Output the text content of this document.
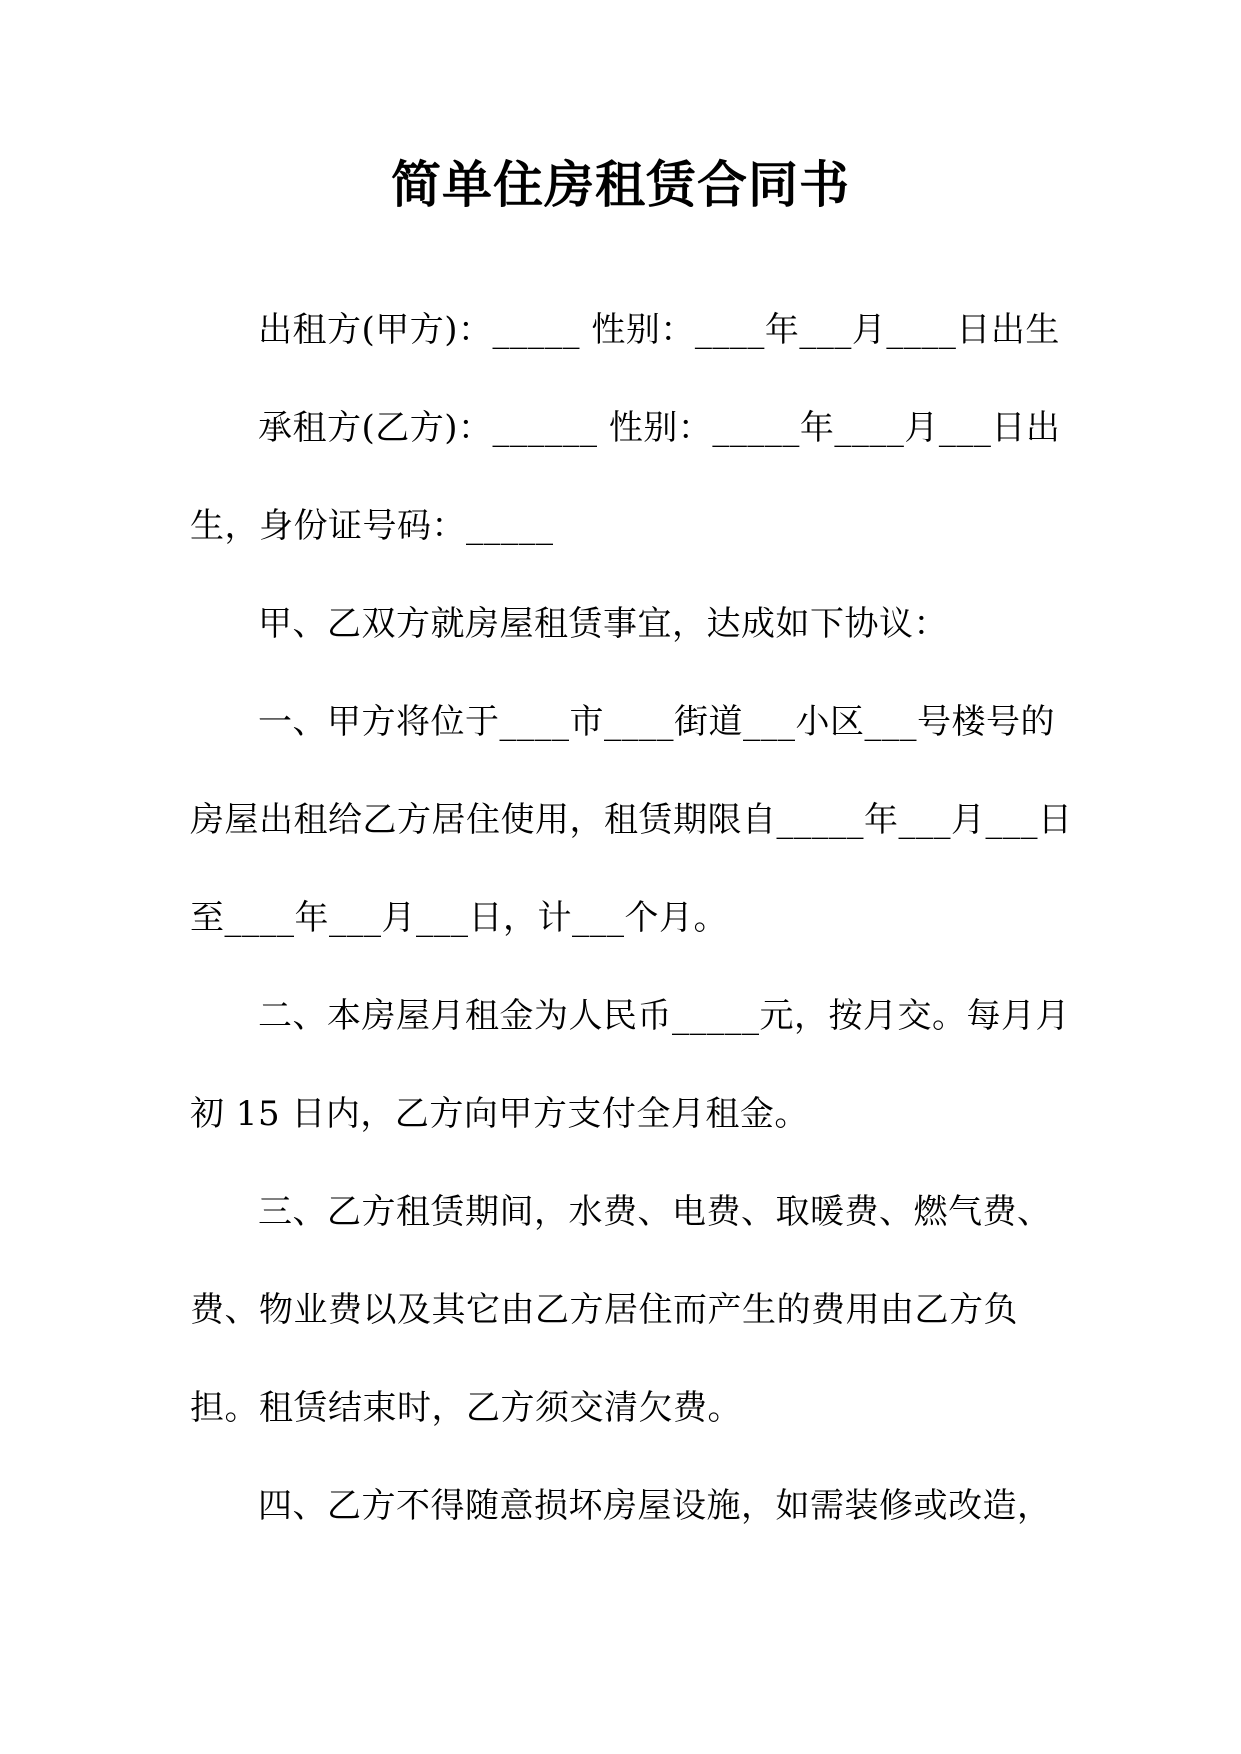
简单住房租赁合同书
出租方(甲方)：_____ 性别：____年___月____日出生
承租方(乙方)：______ 性别：_____年____月___日出
生，身份证号码：_____
甲、乙双方就房屋租赁事宜，达成如下协议：
一、甲方将位于____市____街道___小区___号楼号的
房屋出租给乙方居住使用，租赁期限自_____年___月___日
至____年___月___日，计___个月。
二、本房屋月租金为人民币_____元，按月交。每月月
初 15 日内，乙方向甲方支付全月租金。
三、乙方租赁期间，水费、电费、取暖费、燃气费、
费、物业费以及其它由乙方居住而产生的费用由乙方负
担。租赁结束时，乙方须交清欠费。
四、乙方不得随意损坏房屋设施，如需装修或改造，
